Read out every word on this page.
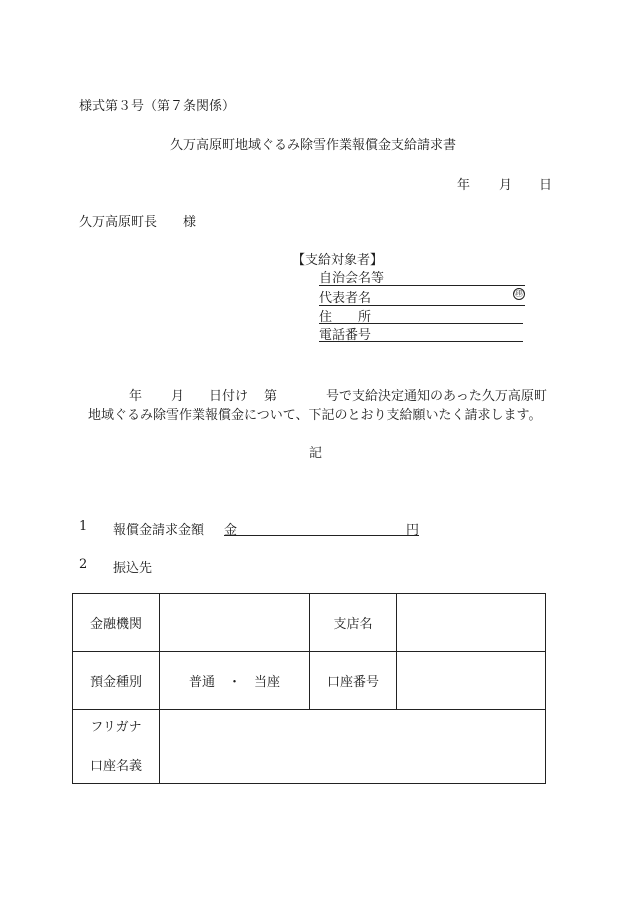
様式第３号（第７条関係）
久万高原町地域ぐるみ除雪作業報償金支給請求書
年 月 日
久万高原町長　　様
【支給対象者】
自治会名等
代表者名	㊞
住　　所
電話番号
年 月 日付け 第	号で支給決定通知のあった久万高原町
地域ぐるみ除雪作業報償金について、下記のとおり支給願いたく請求します。
記
1 報償金請求金額 金	円
2 振込先
金融機関		支店名	
預金種別	普通　・　当座	口座番号	

フリガナ
口座名義			
